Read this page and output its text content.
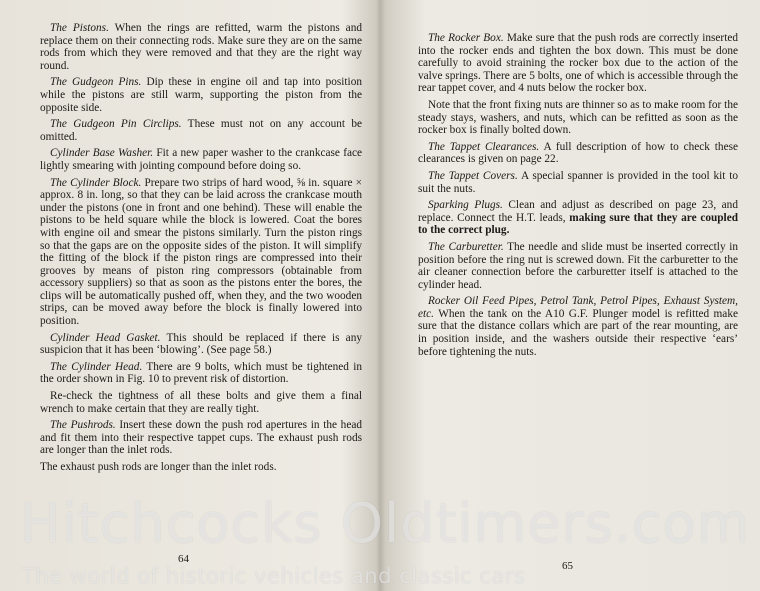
The Pistons. When the rings are refitted, warm the pistons and replace them on their connecting rods. Make sure they are on the same rods from which they were removed and that they are the right way round.

The Gudgeon Pins. Dip these in engine oil and tap into position while the pistons are still warm, supporting the piston from the opposite side.

The Gudgeon Pin Circlips. These must not on any account be omitted.

Cylinder Base Washer. Fit a new paper washer to the crankcase face lightly smearing with jointing compound before doing so.

The Cylinder Block. Prepare two strips of hard wood, ⅝ in. square × approx. 8 in. long, so that they can be laid across the crankcase mouth under the pistons (one in front and one behind). These will enable the pistons to be held square while the block is lowered. Coat the bores with engine oil and smear the pistons similarly. Turn the piston rings so that the gaps are on the opposite sides of the piston. It will simplify the fitting of the block if the piston rings are compressed into their grooves by means of piston ring compressors (obtainable from accessory suppliers) so that as soon as the pistons enter the bores, the clips will be automatically pushed off, when they, and the two wooden strips, can be moved away before the block is finally lowered into position.

Cylinder Head Gasket. This should be replaced if there is any suspicion that it has been ‘blowing’. (See page 58.)

The Cylinder Head. There are 9 bolts, which must be tightened in the order shown in Fig. 10 to prevent risk of distortion.

Re-check the tightness of all these bolts and give them a final wrench to make certain that they are really tight.

The Pushrods. Insert these down the push rod apertures in the head and fit them into their respective tappet cups. The exhaust push rods are longer than the inlet rods.

The exhaust push rods are longer than the inlet rods.

64

The Rocker Box. Make sure that the push rods are correctly inserted into the rocker ends and tighten the box down. This must be done carefully to avoid straining the rocker box due to the action of the valve springs. There are 5 bolts, one of which is accessible through the rear tappet cover, and 4 nuts below the rocker box.

Note that the front fixing nuts are thinner so as to make room for the steady stays, washers, and nuts, which can be refitted as soon as the rocker box is finally bolted down.

The Tappet Clearances. A full description of how to check these clearances is given on page 22.

The Tappet Covers. A special spanner is provided in the tool kit to suit the nuts.

Sparking Plugs. Clean and adjust as described on page 23, and replace. Connect the H.T. leads, making sure that they are coupled to the correct plug.

The Carburetter. The needle and slide must be inserted correctly in position before the ring nut is screwed down. Fit the carburetter to the air cleaner connection before the carburetter itself is attached to the cylinder head.

Rocker Oil Feed Pipes, Petrol Tank, Petrol Pipes, Exhaust System, etc. When the tank on the A10 G.F. Plunger model is refitted make sure that the distance collars which are part of the rear mounting, are in position inside, and the washers outside their respective ‘ears’ before tightening the nuts.

65
Hitchcocks Oldtimers.com
The world of historic vehicles and classic cars
